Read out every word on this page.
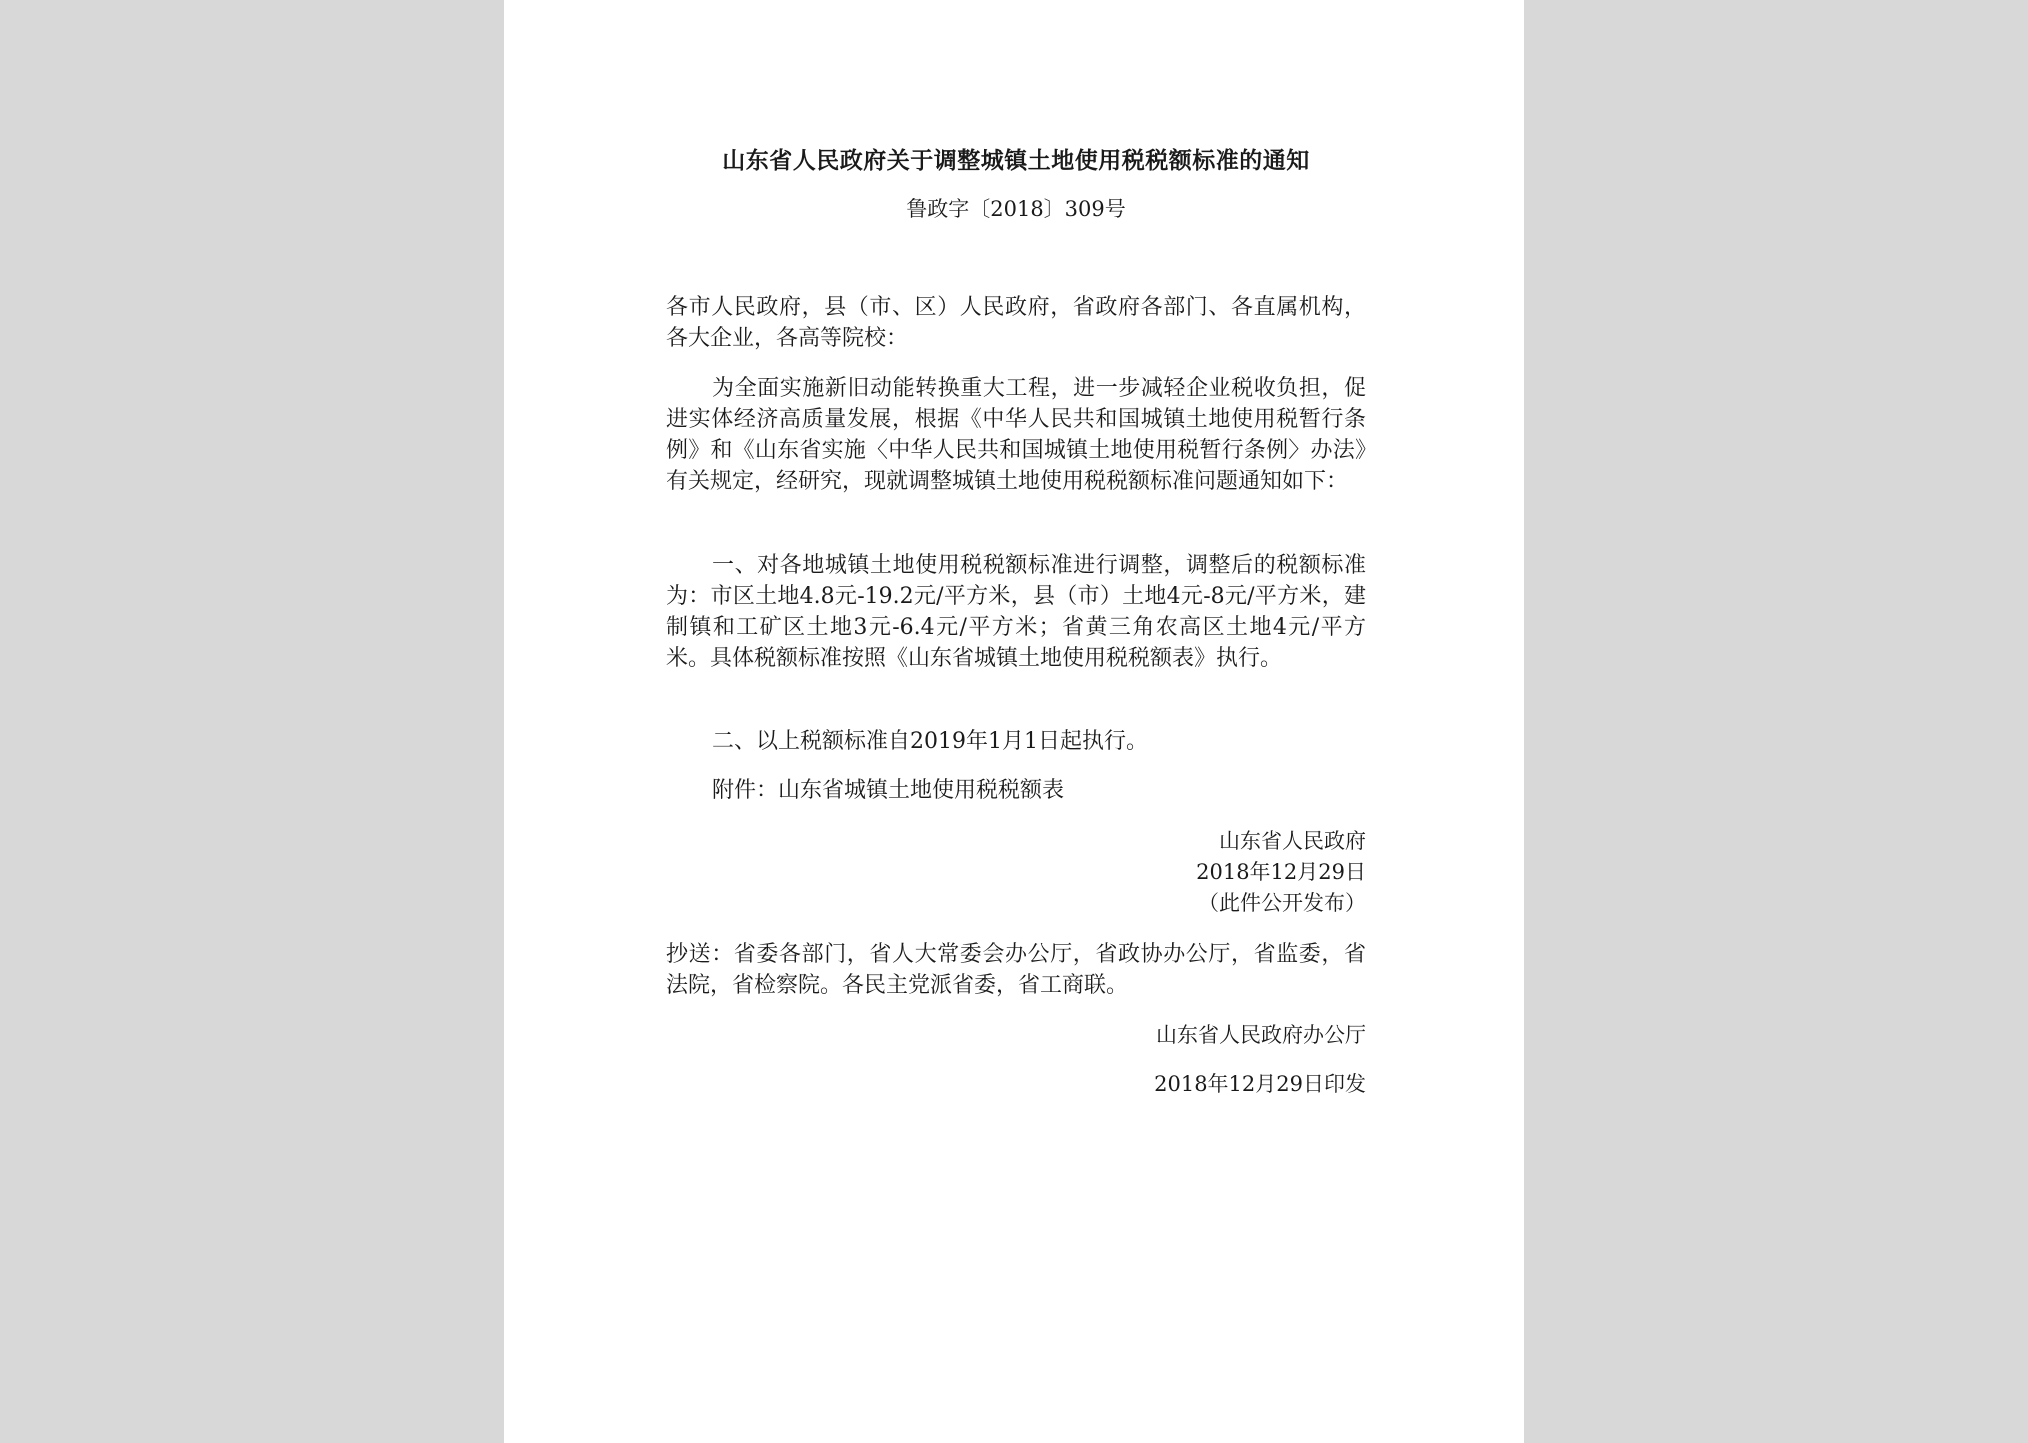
山东省人民政府关于调整城镇土地使用税税额标准的通知
鲁政字〔2018〕309号

各市人民政府，县（市、区）人民政府，省政府各部门、各直属机构，各大企业，各高等院校：

为全面实施新旧动能转换重大工程，进一步减轻企业税收负担，促进实体经济高质量发展，根据《中华人民共和国城镇土地使用税暂行条例》和《山东省实施〈中华人民共和国城镇土地使用税暂行条例〉办法》有关规定，经研究，现就调整城镇土地使用税税额标准问题通知如下：

一、对各地城镇土地使用税税额标准进行调整，调整后的税额标准为：市区土地4.8元-19.2元/平方米，县（市）土地4元-8元/平方米，建制镇和工矿区土地3元-6.4元/平方米；省黄三角农高区土地4元/平方米。具体税额标准按照《山东省城镇土地使用税税额表》执行。

二、以上税额标准自2019年1月1日起执行。

附件：山东省城镇土地使用税税额表

山东省人民政府
2018年12月29日
（此件公开发布）

抄送：省委各部门，省人大常委会办公厅，省政协办公厅，省监委，省法院，省检察院。各民主党派省委，省工商联。

山东省人民政府办公厅
2018年12月29日印发
